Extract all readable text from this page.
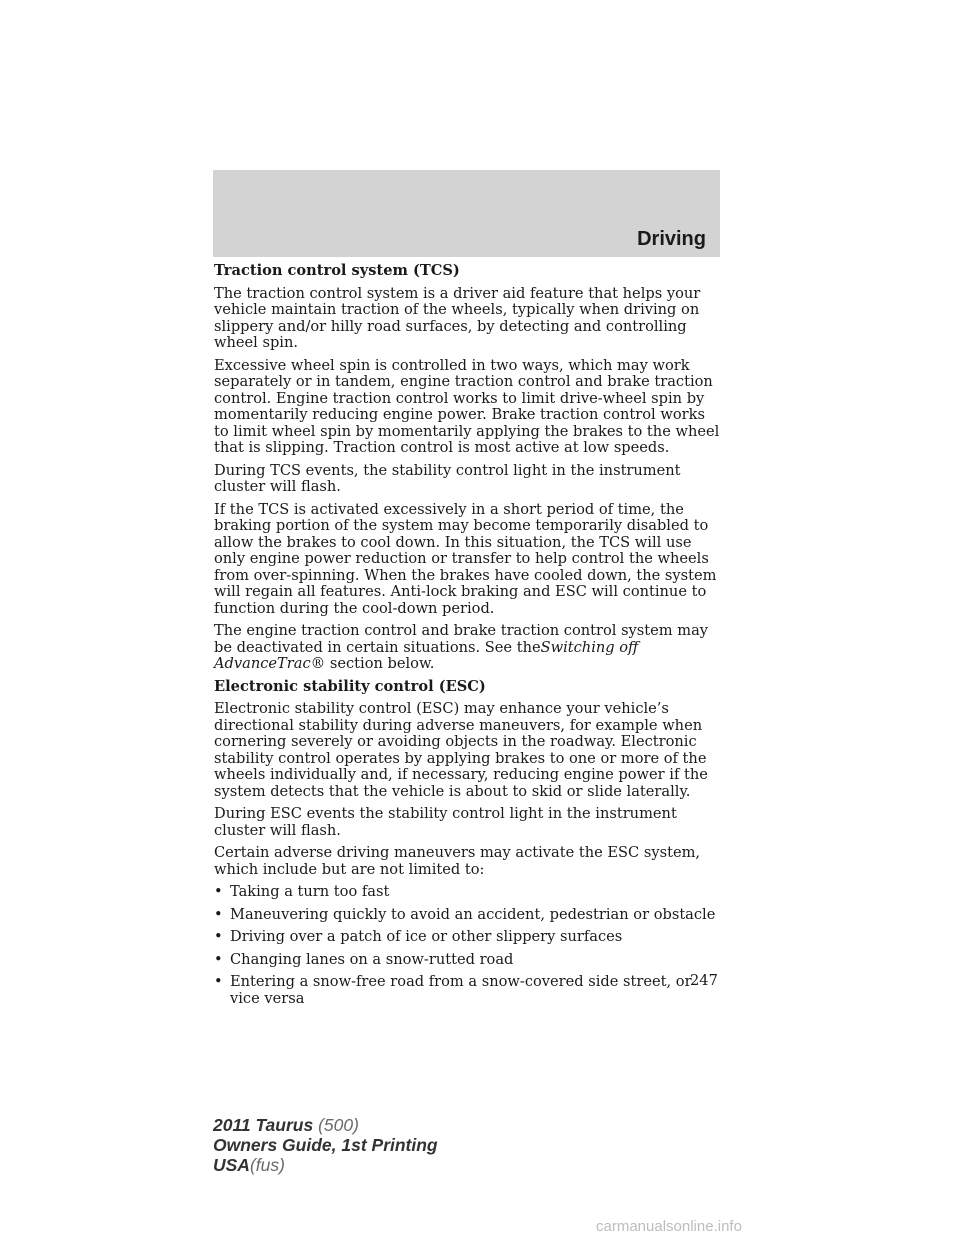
Driving
Traction control system (TCS)

The traction control system is a driver aid feature that helps your vehicle maintain traction of the wheels, typically when driving on slippery and/or hilly road surfaces, by detecting and controlling wheel spin.

Excessive wheel spin is controlled in two ways, which may work separately or in tandem, engine traction control and brake traction control. Engine traction control works to limit drive-wheel spin by momentarily reducing engine power. Brake traction control works to limit wheel spin by momentarily applying the brakes to the wheel that is slipping. Traction control is most active at low speeds.

During TCS events, the stability control light in the instrument cluster will flash.

If the TCS is activated excessively in a short period of time, the braking portion of the system may become temporarily disabled to allow the brakes to cool down. In this situation, the TCS will use only engine power reduction or transfer to help control the wheels from over-spinning. When the brakes have cooled down, the system will regain all features. Anti-lock braking and ESC will continue to function during the cool-down period.

The engine traction control and brake traction control system may be deactivated in certain situations. See theSwitching off AdvanceTrac® section below.

Electronic stability control (ESC)

Electronic stability control (ESC) may enhance your vehicle’s directional stability during adverse maneuvers, for example when cornering severely or avoiding objects in the roadway. Electronic stability control operates by applying brakes to one or more of the wheels individually and, if necessary, reducing engine power if the system detects that the vehicle is about to skid or slide laterally.

During ESC events the stability control light in the instrument cluster will flash.

Certain adverse driving maneuvers may activate the ESC system, which include but are not limited to:

• Taking a turn too fast
• Maneuvering quickly to avoid an accident, pedestrian or obstacle
• Driving over a patch of ice or other slippery surfaces
• Changing lanes on a snow-rutted road
• Entering a snow-free road from a snow-covered side street, or vice versa
247
2011 Taurus (500)
Owners Guide, 1st Printing
USA(fus)
carmanualsonline.info
